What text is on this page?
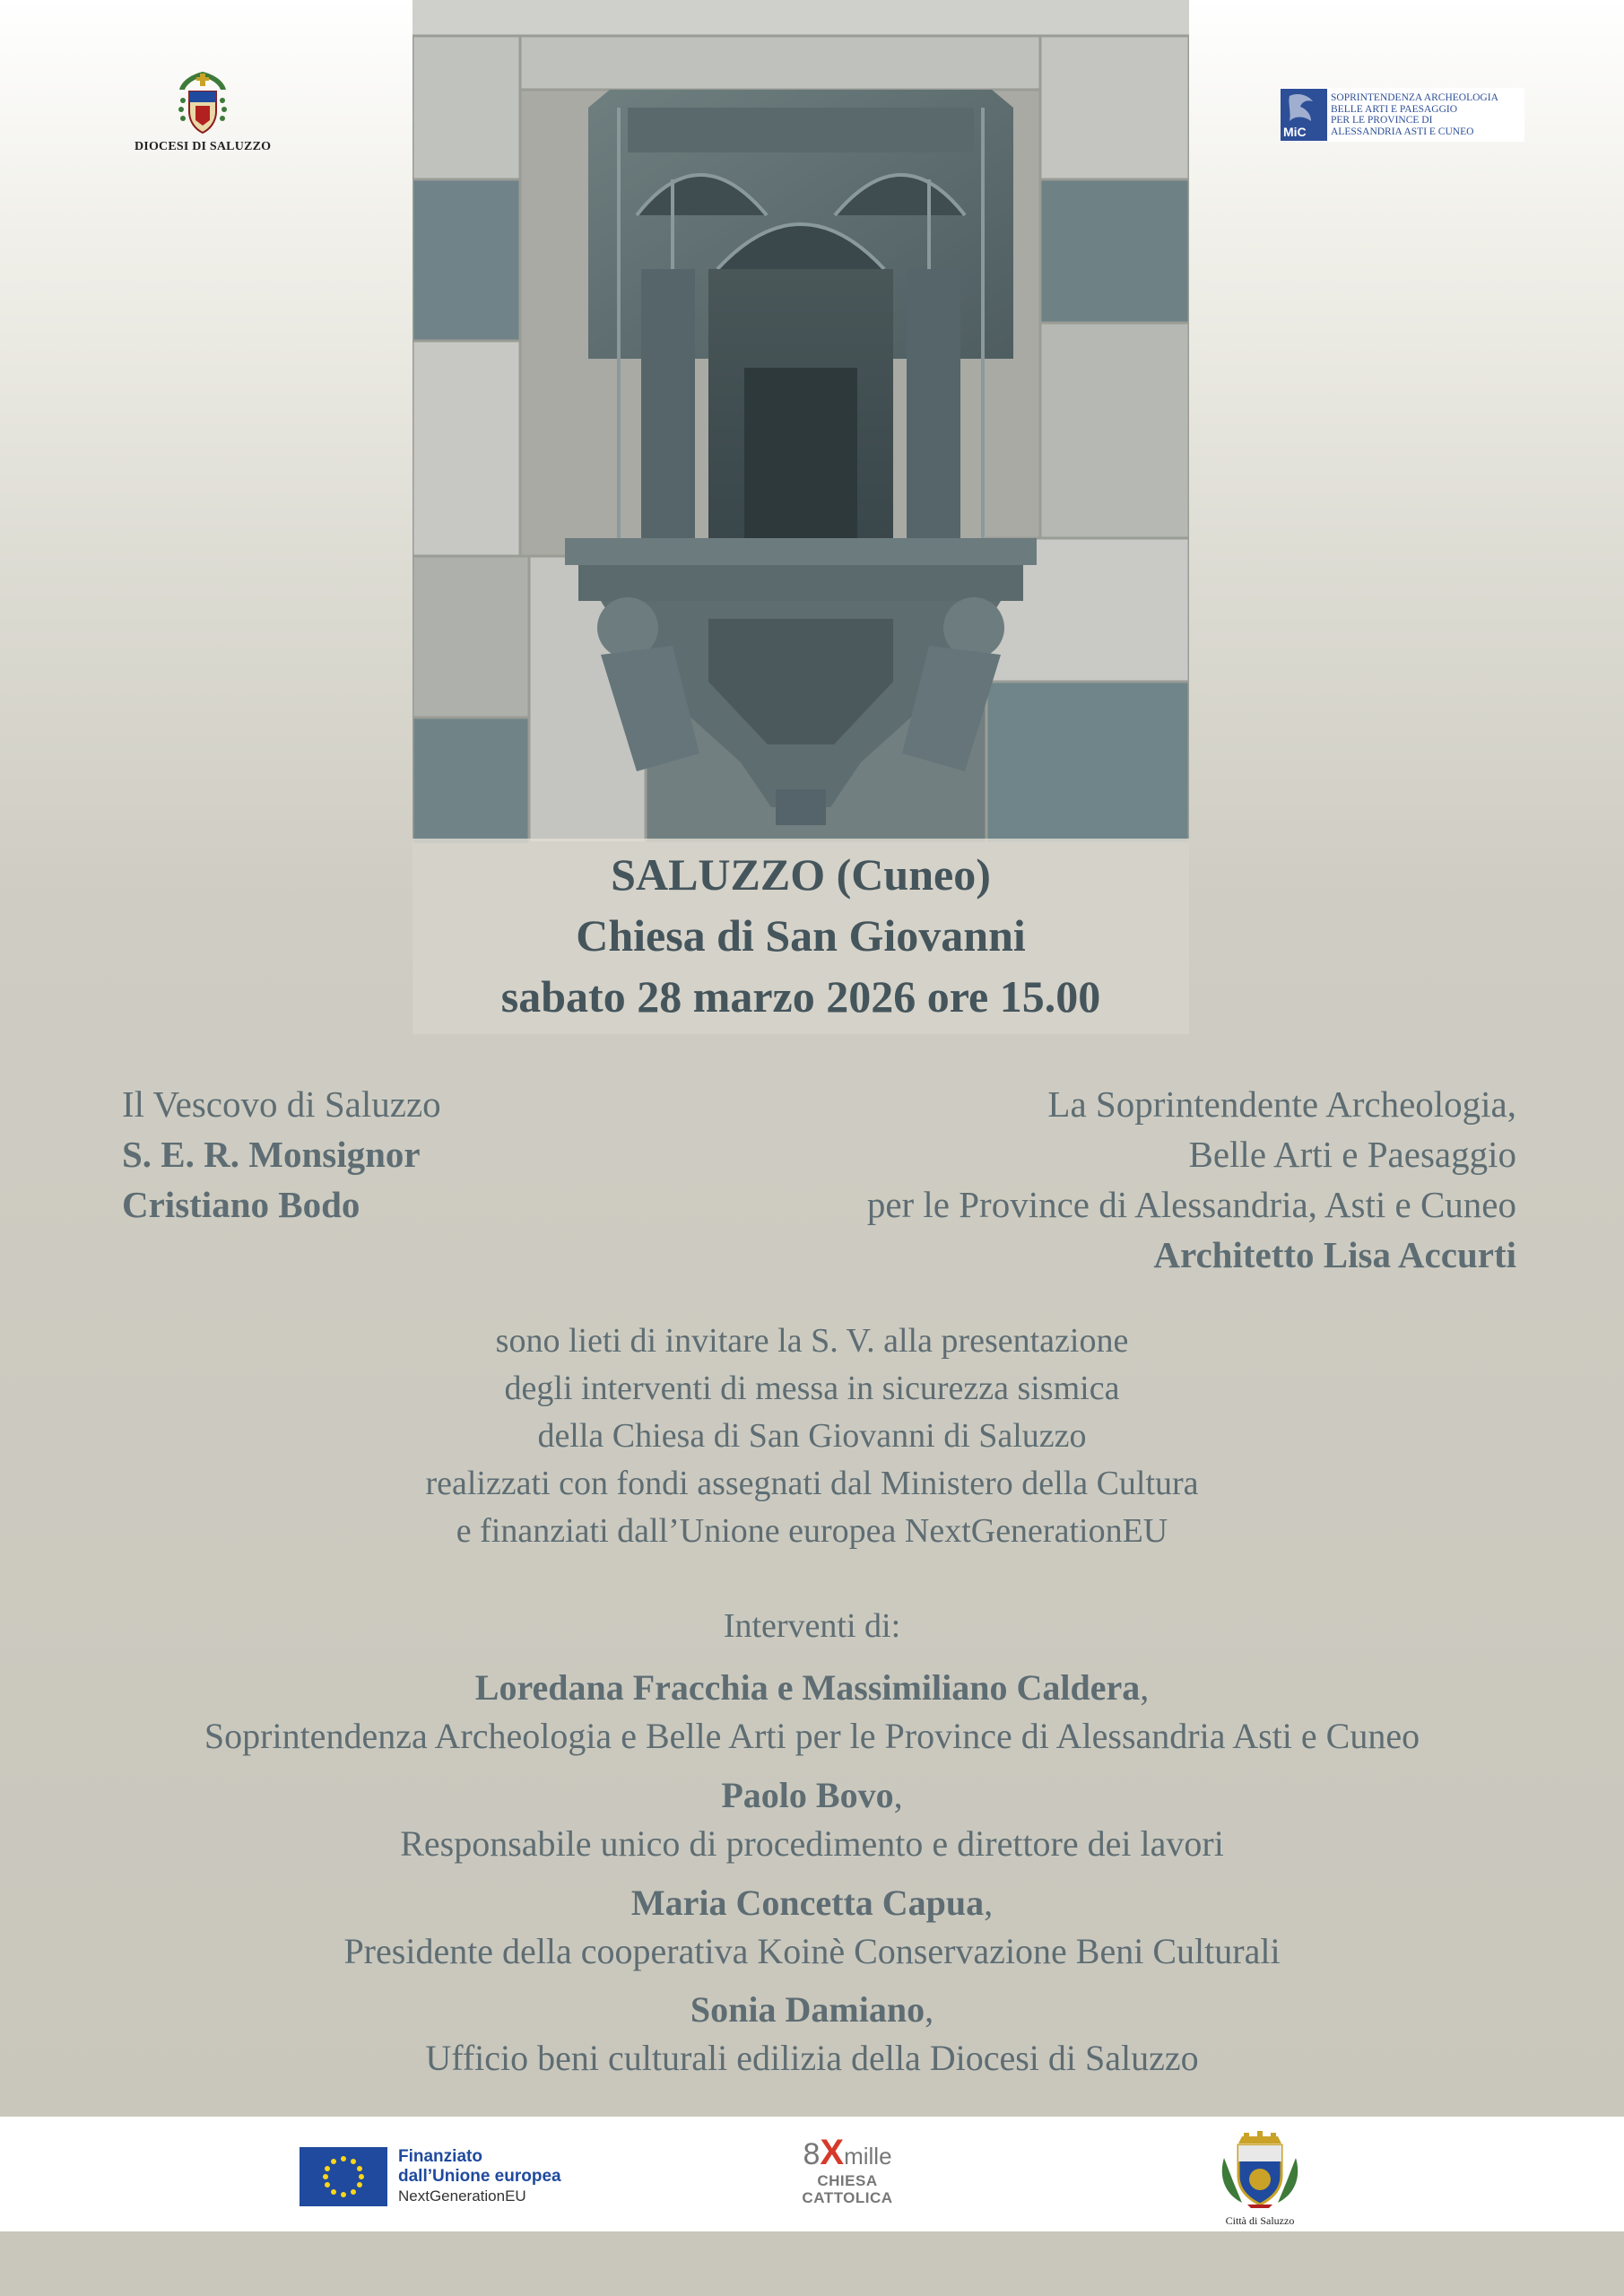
DIOCESI DI SALUZZO
MiC
SOPRINTENDENZA ARCHEOLOGIA
BELLE ARTI E PAESAGGIO
PER LE PROVINCE DI
ALESSANDRIA ASTI E CUNEO
SALUZZO (Cuneo)
Chiesa di San Giovanni
sabato 28 marzo 2026 ore 15.00
Il Vescovo di Saluzzo
S. E. R. Monsignor
Cristiano Bodo
La Soprintendente Archeologia,
Belle Arti e Paesaggio
per le Province di Alessandria, Asti e Cuneo
Architetto Lisa Accurti
sono lieti di invitare la S. V. alla presentazione
degli interventi di messa in sicurezza sismica
della Chiesa di San Giovanni di Saluzzo
realizzati con fondi assegnati dal Ministero della Cultura
e finanziati dall’Unione europea NextGenerationEU
Interventi di:
Loredana Fracchia e Massimiliano Caldera,
Soprintendenza Archeologia e Belle Arti per le Province di Alessandria Asti e Cuneo
Paolo Bovo,
Responsabile unico di procedimento e direttore dei lavori
Maria Concetta Capua,
Presidente della cooperativa Koinè Conservazione Beni Culturali
Sonia Damiano,
Ufficio beni culturali edilizia della Diocesi di Saluzzo
Finanziato
dall’Unione europea
NextGenerationEU
8Xmille
CHIESA
CATTOLICA
Città di Saluzzo
